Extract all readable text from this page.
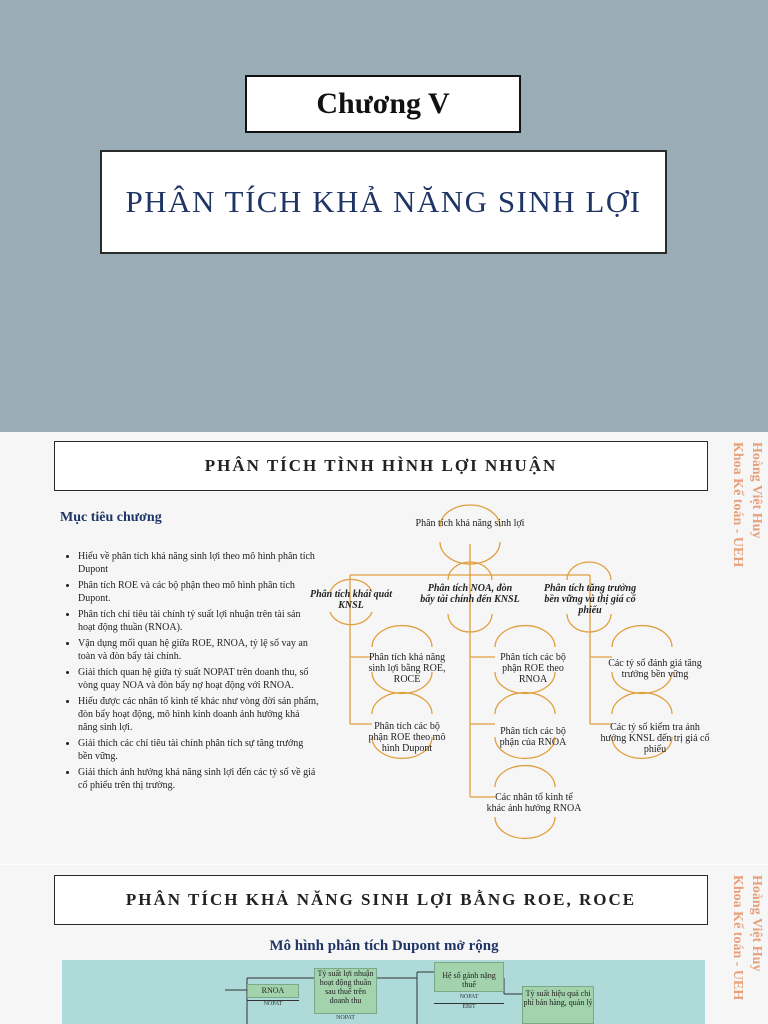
Chương V
PHÂN TÍCH KHẢ NĂNG SINH LỢI
PHÂN TÍCH TÌNH HÌNH LỢI NHUẬN	Hoàng Việt Huy
Khoa Kế toán - UEH
Mục tiêu chương
• Hiểu về phân tích khả năng sinh lợi theo mô hình phân tích Dupont
• Phân tích ROE và các bộ phận theo mô hình phân tích Dupont.
• Phân tích chỉ tiêu tài chính tỷ suất lợi nhuận trên tài sản hoạt động thuần (RNOA).
• Vận dụng mối quan hệ giữa ROE, RNOA, tỷ lệ số vay an toàn và đòn bẩy tài chính.
• Giải thích quan hệ giữa tỷ suất NOPAT trên doanh thu, số vòng quay NOA và đòn bẩy nợ hoạt động với RNOA.
• Hiểu được các nhân tố kinh tế khác như vòng đời sản phẩm, đòn bẩy hoạt động, mô hình kinh doanh ảnh hưởng khả năng sinh lợi.
• Giải thích các chỉ tiêu tài chính phân tích sự tăng trưởng bền vững.
• Giải thích ảnh hưởng khả năng sinh lợi đến các tỷ số về giá cổ phiếu trên thị trường.
Phân tích khả năng sinh lợi
Phân tích khái quát KNSL
Phân tích NOA, đòn bẩy tài chính đến KNSL
Phân tích tăng trưởng bền vững và thị giá cổ phiếu
Phân tích khả năng sinh lợi bằng ROE, ROCE
Phân tích các bộ phận ROE theo mô hình Dupont
Phân tích các bộ phận ROE theo RNOA
Phân tích các bộ phận của RNOA
Các nhân tố kinh tế khác ảnh hưởng RNOA
Các tỷ số đánh giá tăng trưởng bền vững
Các tỷ số kiểm tra ảnh hưởng KNSL đến trị giá cổ phiếu
PHÂN TÍCH KHẢ NĂNG SINH LỢI BẰNG ROE, ROCE	Hoàng Việt Huy
Khoa Kế toán - UEH
Mô hình phân tích Dupont mở rộng
RNOA
NOPAT
Tỷ suất lợi nhuận hoạt động thuần sau thuế trên doanh thu
NOPAT
Hệ số gánh nặng thuế
NOPAT
EBIT
Tỷ suất hiệu quả chi phí bán hàng, quản lý
